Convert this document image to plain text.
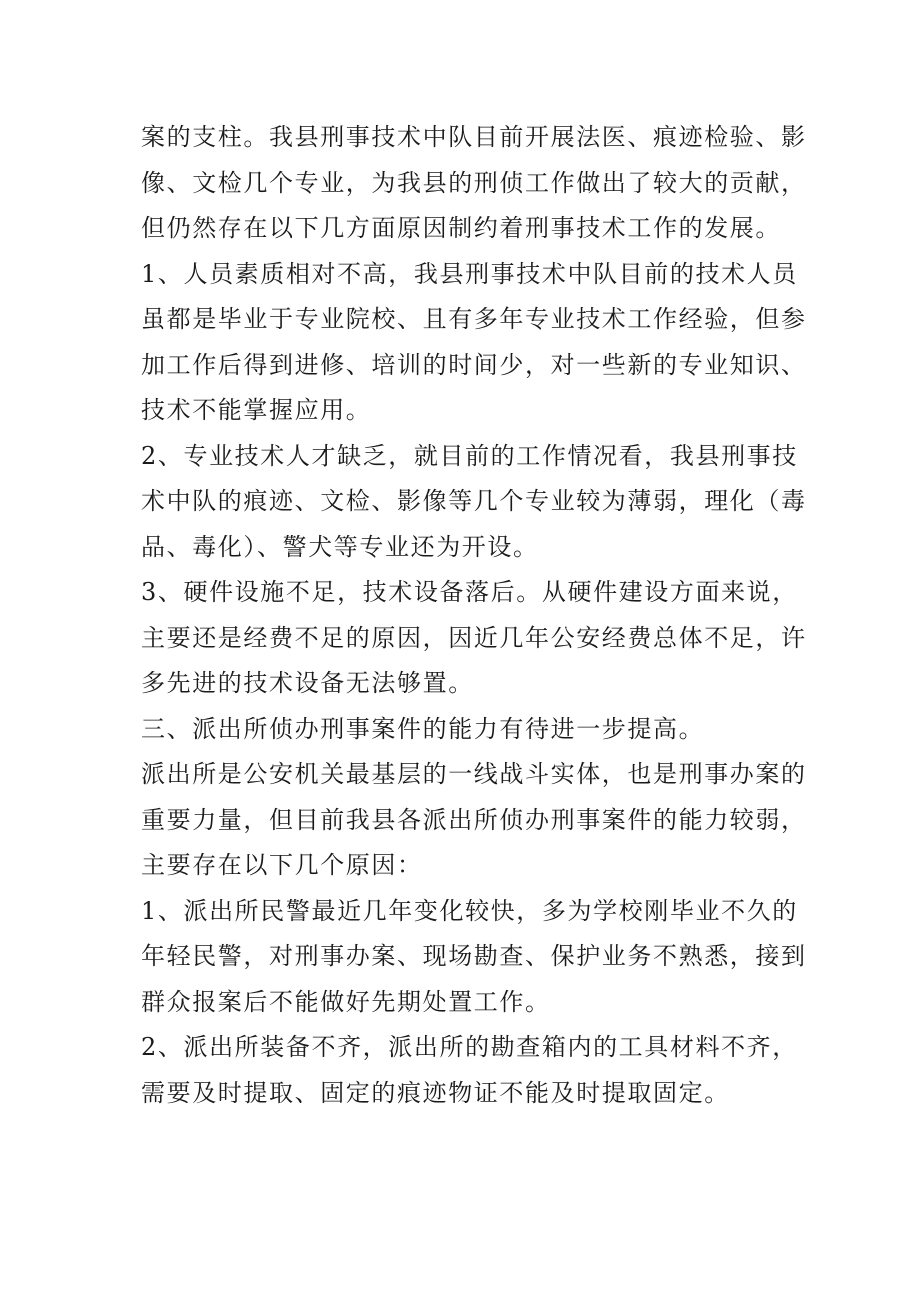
案的支柱。我县刑事技术中队目前开展法医、痕迹检验、影
像、文检几个专业，为我县的刑侦工作做出了较大的贡献，
但仍然存在以下几方面原因制约着刑事技术工作的发展。
1、人员素质相对不高，我县刑事技术中队目前的技术人员
虽都是毕业于专业院校、且有多年专业技术工作经验，但参
加工作后得到进修、培训的时间少，对一些新的专业知识、
技术不能掌握应用。
2、专业技术人才缺乏，就目前的工作情况看，我县刑事技
术中队的痕迹、文检、影像等几个专业较为薄弱，理化（毒
品、毒化）、警犬等专业还为开设。
3、硬件设施不足，技术设备落后。从硬件建设方面来说，
主要还是经费不足的原因，因近几年公安经费总体不足，许
多先进的技术设备无法够置。
三、派出所侦办刑事案件的能力有待进一步提高。
派出所是公安机关最基层的一线战斗实体，也是刑事办案的
重要力量，但目前我县各派出所侦办刑事案件的能力较弱，
主要存在以下几个原因：
1、派出所民警最近几年变化较快，多为学校刚毕业不久的
年轻民警，对刑事办案、现场勘查、保护业务不熟悉，接到
群众报案后不能做好先期处置工作。
2、派出所装备不齐，派出所的勘查箱内的工具材料不齐，
需要及时提取、固定的痕迹物证不能及时提取固定。
